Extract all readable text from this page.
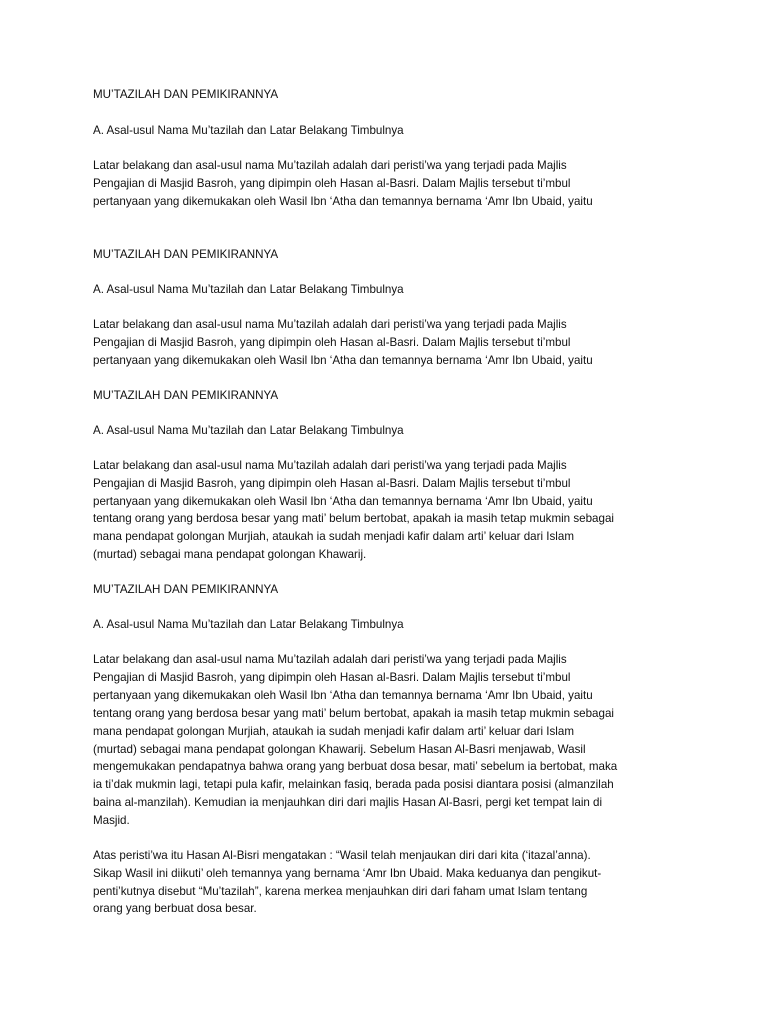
MU’TAZILAH DAN PEMIKIRANNYA
A. Asal-usul Nama Mu’tazilah dan Latar Belakang Timbulnya
Latar belakang dan asal-usul nama Mu’tazilah adalah dari peristi’wa yang terjadi pada Majlis
Pengajian di Masjid Basroh, yang dipimpin oleh Hasan al-Basri. Dalam Majlis tersebut ti’mbul
pertanyaan yang dikemukakan oleh Wasil Ibn ‘Atha dan temannya bernama ‘Amr Ibn Ubaid, yaitu
MU’TAZILAH DAN PEMIKIRANNYA
A. Asal-usul Nama Mu’tazilah dan Latar Belakang Timbulnya
Latar belakang dan asal-usul nama Mu’tazilah adalah dari peristi’wa yang terjadi pada Majlis
Pengajian di Masjid Basroh, yang dipimpin oleh Hasan al-Basri. Dalam Majlis tersebut ti’mbul
pertanyaan yang dikemukakan oleh Wasil Ibn ‘Atha dan temannya bernama ‘Amr Ibn Ubaid, yaitu
MU’TAZILAH DAN PEMIKIRANNYA
A. Asal-usul Nama Mu’tazilah dan Latar Belakang Timbulnya
Latar belakang dan asal-usul nama Mu’tazilah adalah dari peristi’wa yang terjadi pada Majlis
Pengajian di Masjid Basroh, yang dipimpin oleh Hasan al-Basri. Dalam Majlis tersebut ti’mbul
pertanyaan yang dikemukakan oleh Wasil Ibn ‘Atha dan temannya bernama ‘Amr Ibn Ubaid, yaitu
tentang orang yang berdosa besar yang mati’ belum bertobat, apakah ia masih tetap mukmin sebagai
mana pendapat golongan Murjiah, ataukah ia sudah menjadi kafir dalam arti’ keluar dari Islam
(murtad) sebagai mana pendapat golongan Khawarij.
MU’TAZILAH DAN PEMIKIRANNYA
A. Asal-usul Nama Mu’tazilah dan Latar Belakang Timbulnya
Latar belakang dan asal-usul nama Mu’tazilah adalah dari peristi’wa yang terjadi pada Majlis
Pengajian di Masjid Basroh, yang dipimpin oleh Hasan al-Basri. Dalam Majlis tersebut ti’mbul
pertanyaan yang dikemukakan oleh Wasil Ibn ‘Atha dan temannya bernama ‘Amr Ibn Ubaid, yaitu
tentang orang yang berdosa besar yang mati’ belum bertobat, apakah ia masih tetap mukmin sebagai
mana pendapat golongan Murjiah, ataukah ia sudah menjadi kafir dalam arti’ keluar dari Islam
(murtad) sebagai mana pendapat golongan Khawarij. Sebelum Hasan Al-Basri menjawab, Wasil
mengemukakan pendapatnya bahwa orang yang berbuat dosa besar, mati’ sebelum ia bertobat, maka
ia ti’dak mukmin lagi, tetapi pula kafir, melainkan fasiq, berada pada posisi diantara posisi (almanzilah
baina al-manzilah). Kemudian ia menjauhkan diri dari majlis Hasan Al-Basri, pergi ket tempat lain di
Masjid.
Atas peristi’wa itu Hasan Al-Bisri mengatakan : “Wasil telah menjaukan diri dari kita (‘itazal’anna).
Sikap Wasil ini diikuti’ oleh temannya yang bernama ‘Amr Ibn Ubaid. Maka keduanya dan pengikut-
penti’kutnya disebut “Mu’tazilah”, karena merkea menjauhkan diri dari faham umat Islam tentang
orang yang berbuat dosa besar.
